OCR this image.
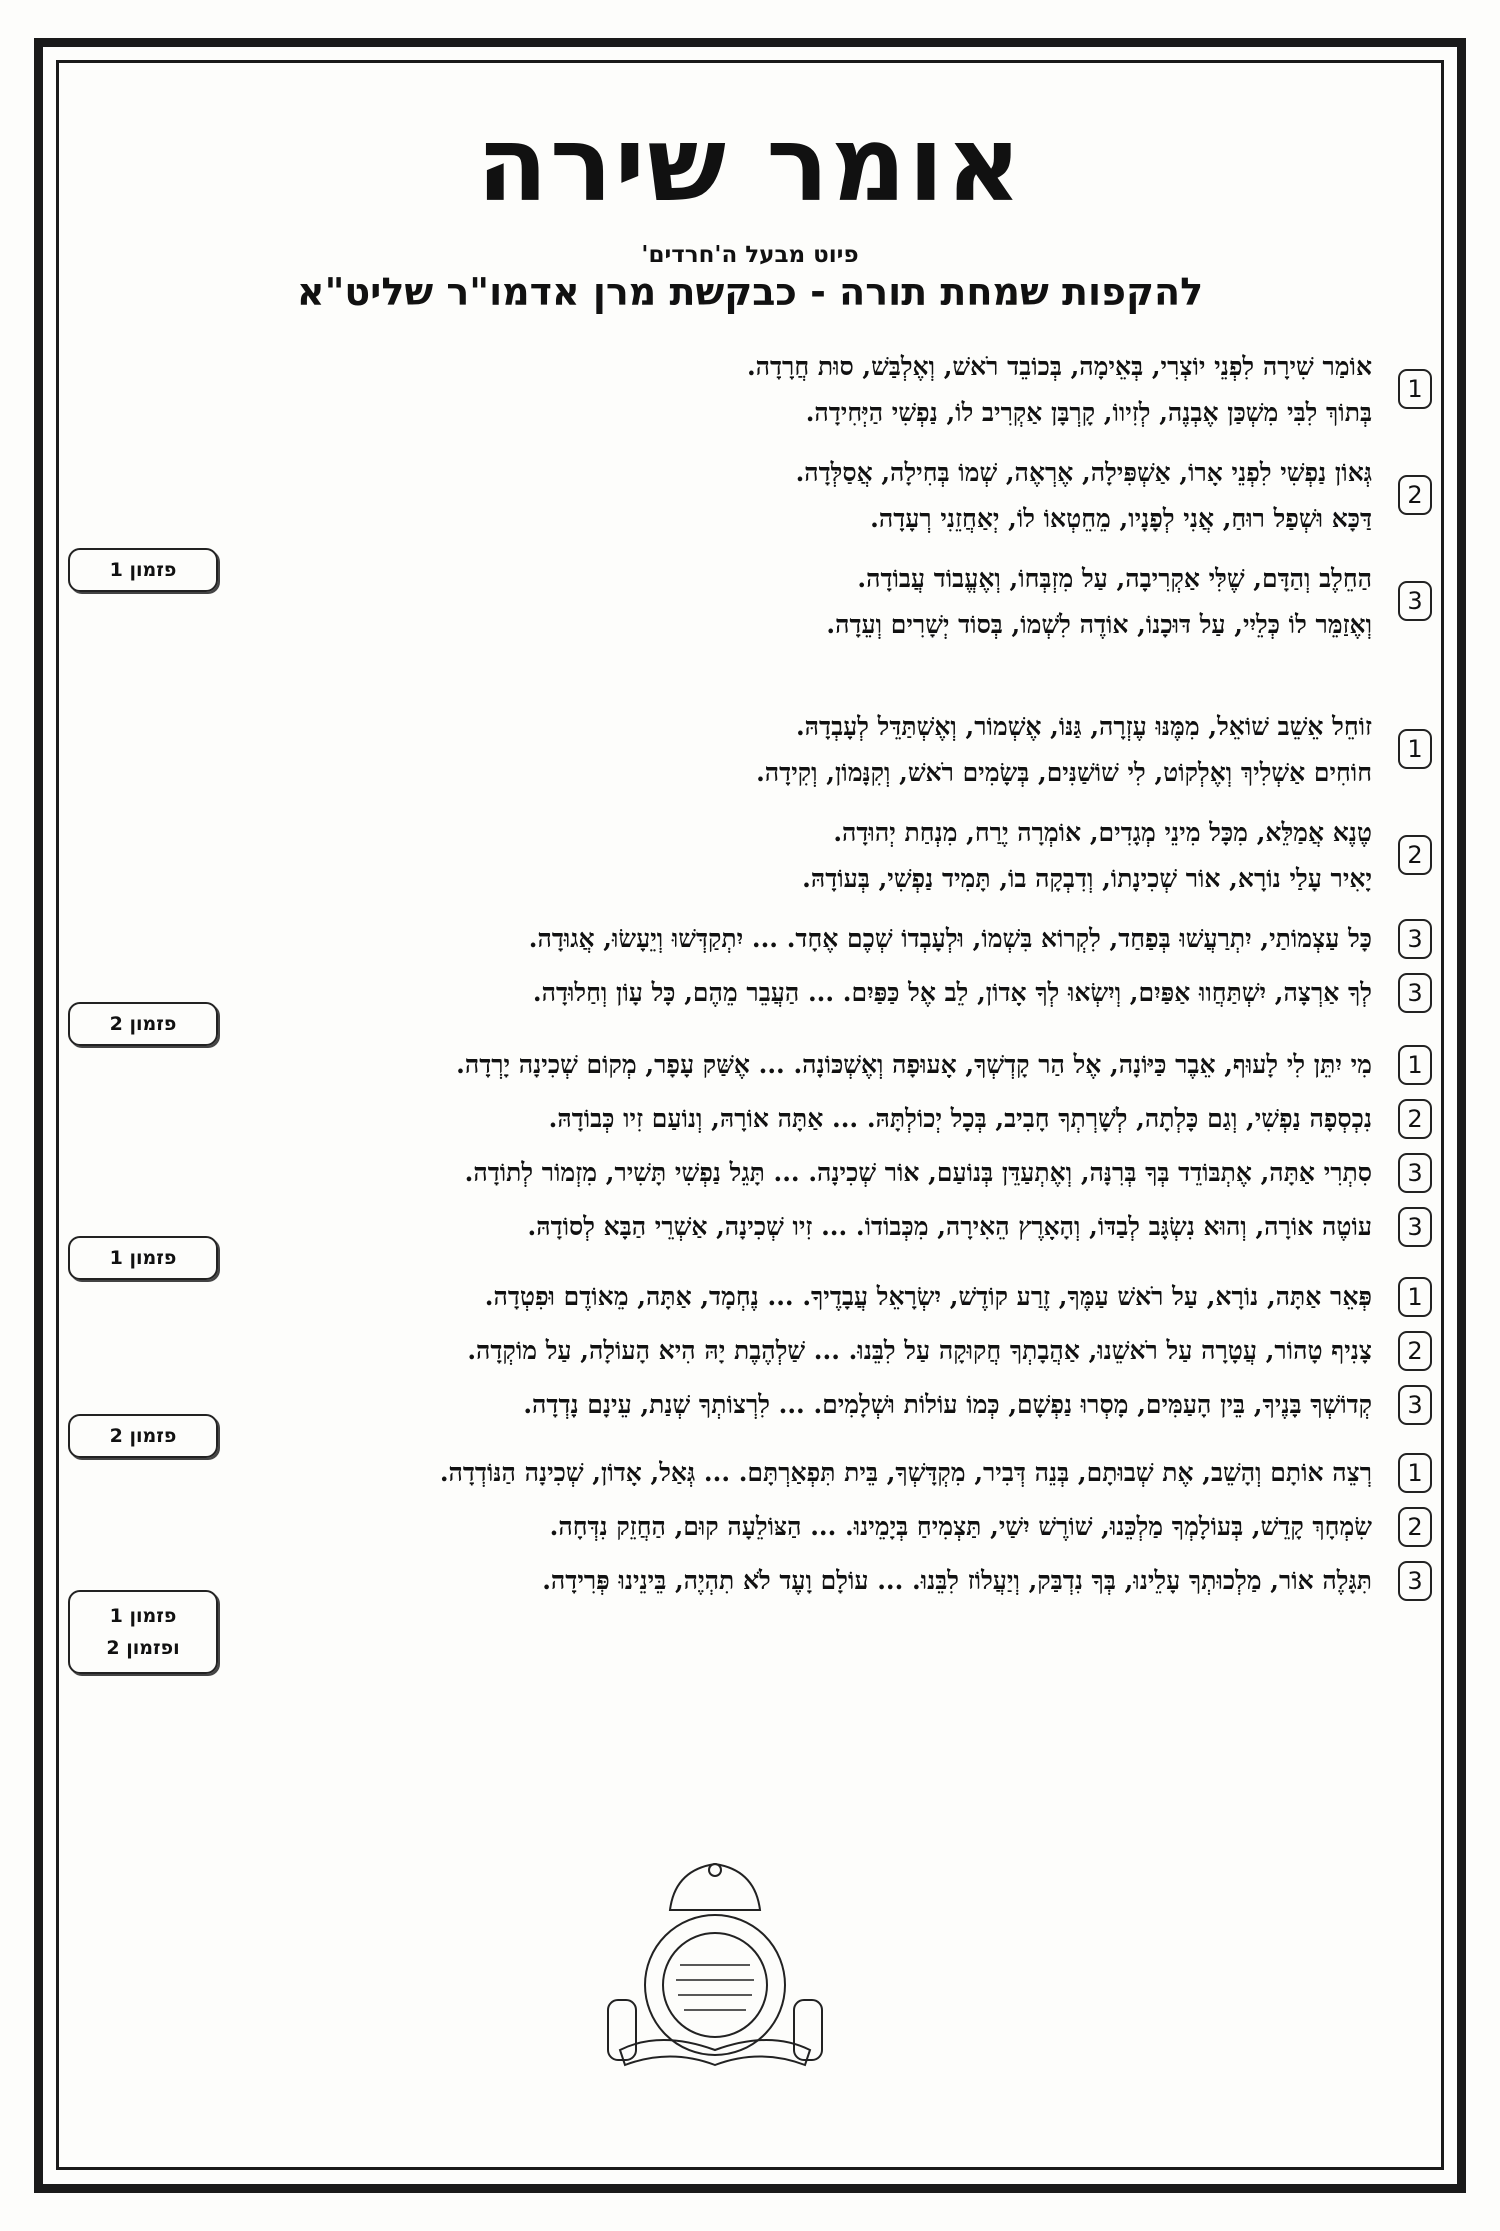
אומר שירה
פיוט מבעל ה'חרדים'
להקפות שמחת תורה - כבקשת מרן אדמו"ר שליט"א
1
אוֹמַר שִׁירָה לִפְנֵי יוֹצְרִי, בְּאֵימָה, בְּכוֹבֵד רֹאשׁ, וְאֶלְבַּשׁ, סוּת חֲרָדָה.
בְּתוֹךְ לִבִּי מִשְׁכַּן אֶבְנֶה, לְזִיווֹ, קָרְבָּן אַקְרִיב לוֹ, נַפְשִׁי הַיְּחִידָה.
2
גְּאוֹן נַפְשִׁי לִפְנֵי אָרוֹ, אַשְׁפִּילָה, אֶרְאֶה, שְׁמוֹ בְּחִילָה, אֲסַלְּדָה.
דַּכָּא וּשְׁפַל רוּחַ, אֲנִי לְפָנָיו, מֵחֵטְאוֹ לוֹ, יְאַחֲזֵנִי רְעָדָה.
3
הַחֵלֶב וְהַדָּם, שֶׁלִּי אַקְרִיבָה, עַל מִזְבְּחוֹ, וְאֶעֱבוֹד עֲבוֹדָה.
וְאֶזַמֵּר לוֹ כְּלֵיִי, עַל דּוּכָנוֹ, אוֹדֶה לִשְׁמוֹ, בְּסוֹד יְשָׁרִים וְעֵדָה.
פזמון 1
1
זוֹחֵל אֵשֵׁב שׁוֹאֵל, מִמֶּנּוּ עֶזְרָה, גַּנּוֹ, אֶשְׁמוֹר, וְאֶשְׁתַּדֵּל לְעָבְדָהּ.
חוֹחִים אַשְׁלִיךְ וְאֶלְקוֹט, לִי שׁוֹשַׁנִּים, בְּשָׂמִים רֹאשׁ, וְקִנָּמוֹן, וְקִידָה.
2
טֶנֶא אֲמַלֵּא, מִכָּל מִינֵי מְגָדִים, אוֹמְרָה יֶרַח, מִנְחַת יְהוּדָה.
יָאִיר עָלַי נוֹרָא, אוֹר שְׁכִינָתוֹ, וְדִבְקָה בוֹ, תָּמִיד נַפְשִׁי, בְּעוֹדָהּ.
3
כָּל עַצְמוֹתַי, יִתְרַעֲשׁוּ בְּפַחַד, לִקְרוֹא בִּשְׁמוֹ, וּלְעָבְדוֹ שְׁכֶם אֶחָד. ... יִתְקַדְּשׁוּ וְיֵעָשׂוּ, אֲגוּדָה.
3
לְךָ אַרְצָה, יִשְׁתַּחֲווּ אַפַּיִם, וְיִשְׂאוּ לְךָ אָדוֹן, לֵב אֶל כַּפַּיִם. ... הַעֲבֵר מֵהֶם, כָּל עָוֹן וְחַלוּדָה.
פזמון 2
1
מִי יִתֵּן לִי לָעוּף, אֵבֶר כַּיּוֹנָה, אֶל הַר קָדְשְׁךָ, אָעוּפָה וְאֶשְׁכּוֹנָה. ... אֶשַּׁק עָפָר, מְקוֹם שְׁכִינָה יָרְדָה.
2
נִכְסְפָה נַפְשִׁי, וְגַם כָּלְתָה, לְשָׁרְתְךָ חָבִיב, בְּכָל יְכוֹלְתָּהּ. ... אַתָּה אוֹרָהּ, וְנוֹעַם זִיו כְּבוֹדָהּ.
3
סִתְרִי אַתָּה, אֶתְבּוֹדֵד בְּךָ בְּרִנָּה, וְאֶתְעַדֵּן בְּנוֹעַם, אוֹר שְׁכִינָה. ... תָּגֵל נַפְשִׁי תָּשִׁיר, מִזְמוֹר לְתוֹדָה.
3
עוֹטֶה אוֹרָה, וְהוּא נִשְׂגָּב לְבַדּוֹ, וְהָאָרֶץ הֵאִירָה, מִכְּבוֹדוֹ. ... זִיו שְׁכִינָה, אַשְׁרֵי הַבָּא לְסוֹדָהּ.
פזמון 1
1
פְּאֵר אַתָּה, נוֹרָא, עַל רֹאשׁ עַמֶּךָ, זֶרַע קוֹדֶשׁ, יִשְׂרָאֵל עֲבָדֶיךָ. ... נֶחְמָד, אַתָּה, מֵאוֹדֶם וּפִטְדָה.
2
צָנִיף טָהוֹר, עֲטָרָה עַל רֹאשֵׁנוּ, אַהֲבָתְךָ חֲקוּקָה עַל לִבֵּנוּ. ... שַׁלְהֶבֶת יָהּ הִיא הָעוֹלָה, עַל מוֹקְדָה.
3
קְדוֹשְׁךָ בָּנֶיךָ, בֵּין הָעַמִּים, מָסְרוּ נַפְשָׁם, כְּמוֹ עוֹלוֹת וּשְׁלָמִים. ... לִרְצוֹתְךָ שְׁנַת, עֵינָם נָדְדָה.
פזמון 2
1
רְצֵה אוֹתָם וְהָשֵׁב, אֶת שְׁבוּתָם, בְּנֵה דְּבִיר, מִקְדָּשְׁךָ, בֵּית תִּפְאַרְתָּם. ... גְּאַל, אָדוֹן, שְׁכִינָה הַנּוֹדְדָה.
2
שִׂמְחָךְ קָדֵשׁ, בְּעוֹלָמְךָ מַלְכֵּנוּ, שׁוֹרֶשׁ יִשַׁי, תַּצְמִיחַ בְּיָמֵינוּ. ... הַצּוֹלֵעָה קוּם, הַחֲזֵק נִדְּחָה.
3
תִּגָּלֶה אוֹר, מַלְכוּתְךָ עָלֵינוּ, בְּךָ נִדְבַּק, וְיַעֲלוֹז לִבֵּנוּ. ... עוֹלָם וָעֶד לֹא תִהְיֶה, בֵּינֵינוּ פְּרִידָה.
פזמון 1
ופזמון 2
